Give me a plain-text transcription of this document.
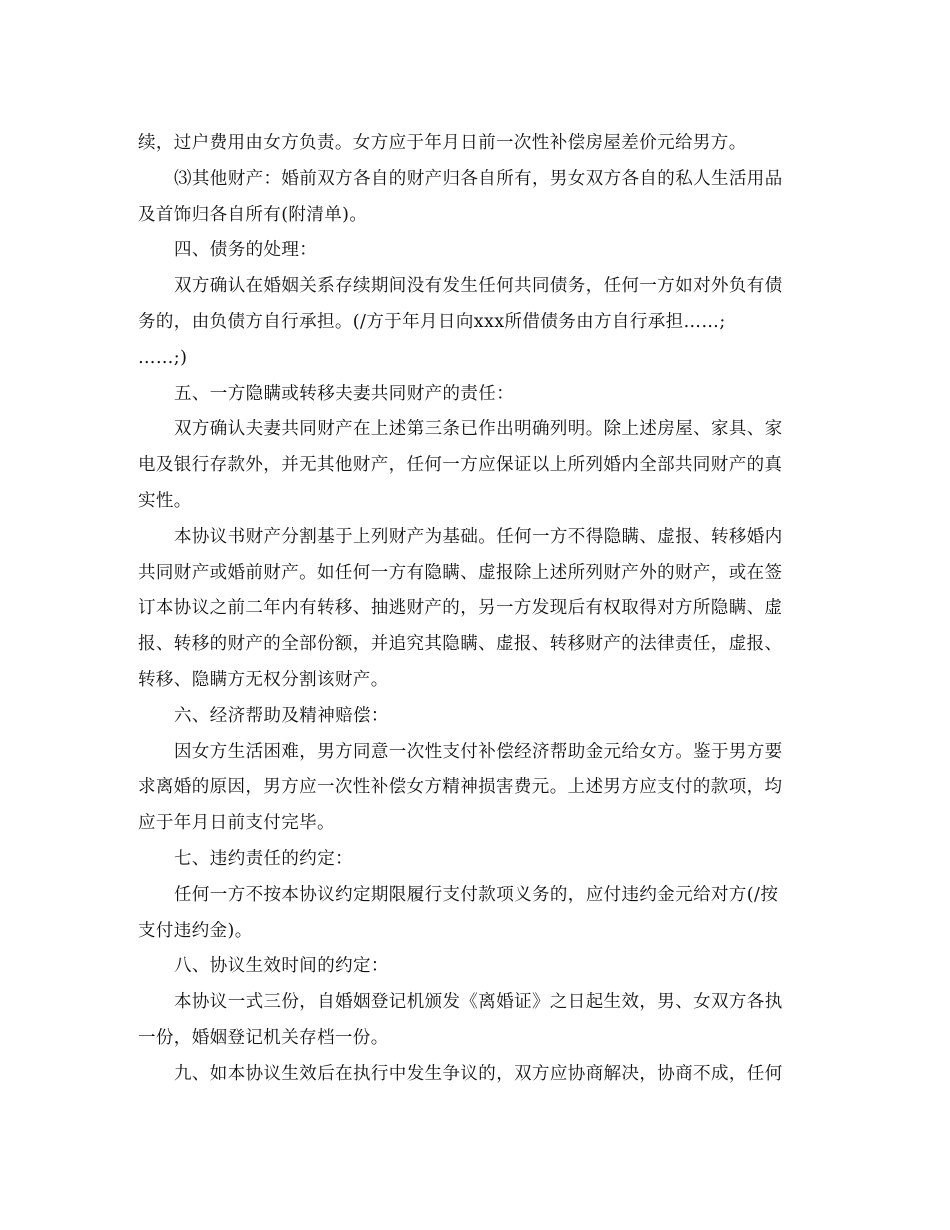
续，过户费用由女方负责。女方应于年月日前一次性补偿房屋差价元给男方。
⑶其他财产：婚前双方各自的财产归各自所有，男女双方各自的私人生活用品
及首饰归各自所有(附清单)。
四、债务的处理：
双方确认在婚姻关系存续期间没有发生任何共同债务，任何一方如对外负有债
务的，由负债方自行承担。(/方于年月日向xxx所借债务由方自行承担……;
……;)
五、一方隐瞒或转移夫妻共同财产的责任：
双方确认夫妻共同财产在上述第三条已作出明确列明。除上述房屋、家具、家
电及银行存款外，并无其他财产，任何一方应保证以上所列婚内全部共同财产的真
实性。
本协议书财产分割基于上列财产为基础。任何一方不得隐瞒、虚报、转移婚内
共同财产或婚前财产。如任何一方有隐瞒、虚报除上述所列财产外的财产，或在签
订本协议之前二年内有转移、抽逃财产的，另一方发现后有权取得对方所隐瞒、虚
报、转移的财产的全部份额，并追究其隐瞒、虚报、转移财产的法律责任，虚报、
转移、隐瞒方无权分割该财产。
六、经济帮助及精神赔偿：
因女方生活困难，男方同意一次性支付补偿经济帮助金元给女方。鉴于男方要
求离婚的原因，男方应一次性补偿女方精神损害费元。上述男方应支付的款项，均
应于年月日前支付完毕。
七、违约责任的约定：
任何一方不按本协议约定期限履行支付款项义务的，应付违约金元给对方(/按
支付违约金)。
八、协议生效时间的约定：
本协议一式三份，自婚姻登记机颁发《离婚证》之日起生效，男、女双方各执
一份，婚姻登记机关存档一份。
九、如本协议生效后在执行中发生争议的，双方应协商解决，协商不成，任何
